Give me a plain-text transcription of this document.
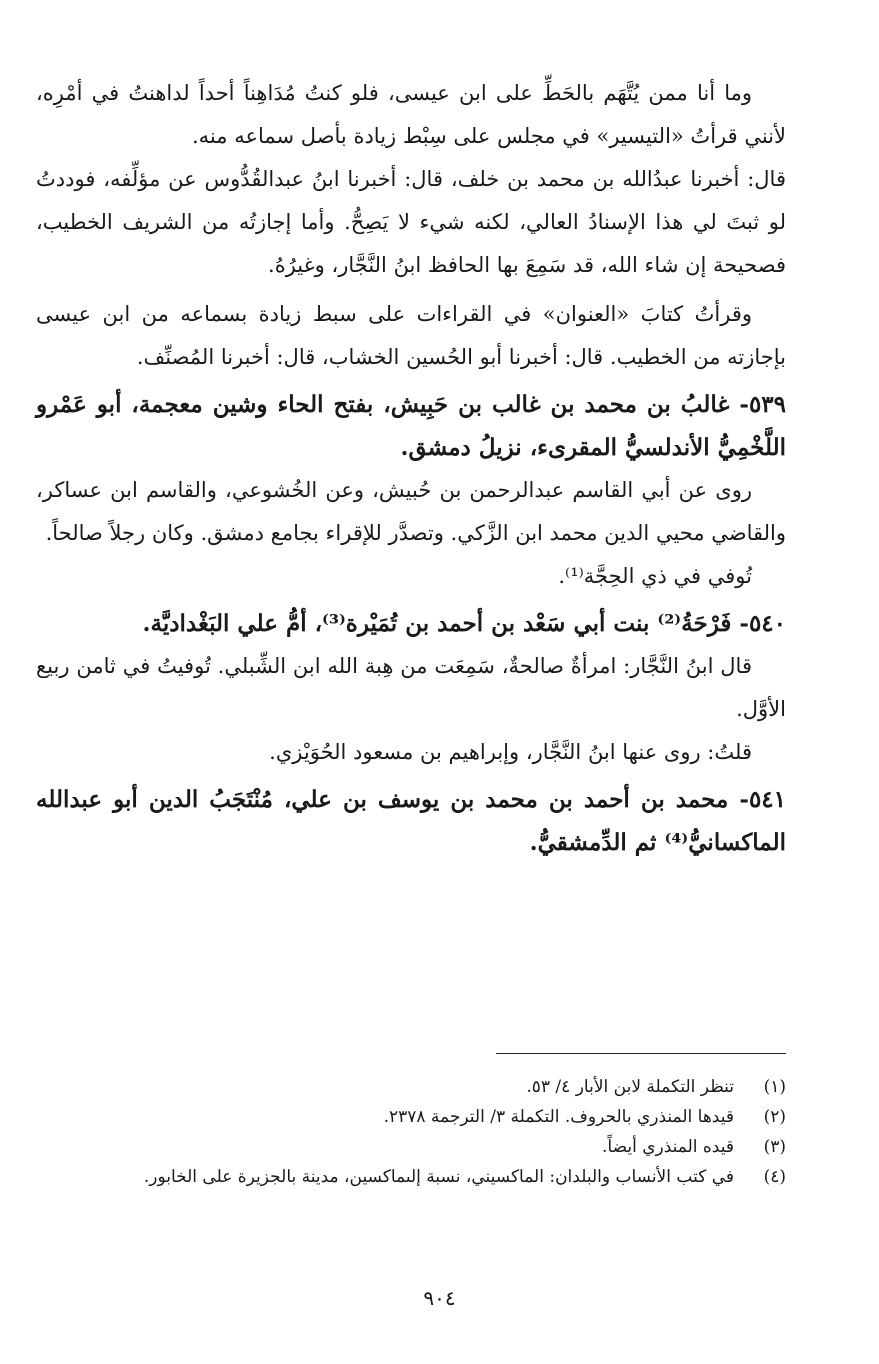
وما أنا ممن يُتَّهَم بالحَطِّ على ابن عيسى، فلو كنتُ مُدَاهِناً أحداً لداهنتُ في أمْرِه، لأنني قرأتُ «التيسير» في مجلس على سِبْط زيادة بأصل سماعه منه.

قال: أخبرنا عبدُالله بن محمد بن خلف، قال: أخبرنا ابنُ عبدالقُدُّوس عن مؤلِّفه، فوددتُ لو ثبتَ لي هذا الإسنادُ العالي، لكنه شيء لا يَصِحُّ. وأما إجازتُه من الشريف الخطيب، فصحيحة إن شاء الله، قد سَمِعَ بها الحافظ ابنُ النَّجَّار، وغيرُهُ.

وقرأتُ كتابَ «العنوان» في القراءات على سبط زيادة بسماعه من ابن عيسى بإجازته من الخطيب. قال: أخبرنا أبو الحُسين الخشاب، قال: أخبرنا المُصنِّف.

٥٣٩- غالبُ بن محمد بن غالب بن حَبِيش، بفتح الحاء وشين معجمة، أبو عَمْرو اللَّخْمِيُّ الأندلسيُّ المقرىء، نزيلُ دمشق.

روى عن أبي القاسم عبدالرحمن بن حُبيش، وعن الخُشوعي، والقاسم ابن عساكر، والقاضي محيي الدين محمد ابن الزَّكي. وتصدَّر للإقراء بجامع دمشق. وكان رجلاً صالحاً.

تُوفي في ذي الحِجَّة⁽¹⁾.

٥٤٠- فَرْحَةُ⁽²⁾ بنت أبي سَعْد بن أحمد بن تُمَيْرة⁽³⁾، أمُّ علي البَغْداديَّة.

قال ابنُ النَّجَّار: امرأةٌ صالحةٌ، سَمِعَت من هِبة الله ابن الشِّبلي. تُوفيتُ في ثامن ربيع الأوَّل.

قلتُ: روى عنها ابنُ النَّجَّار، وإبراهيم بن مسعود الحُوَيْزي.

٥٤١- محمد بن أحمد بن محمد بن يوسف بن علي، مُنْتَجَبُ الدين أبو عبدالله الماكسانيُّ⁽⁴⁾ ثم الدِّمشقيُّ.

(١)
تنظر التكملة لابن الأبار ٤/ ٥٣.
(٢)
قيدها المنذري بالحروف. التكملة ٣/ الترجمة ٢٣٧٨.
(٣)
قيده المنذري أيضاً.
(٤)
في كتب الأنساب والبلدان: الماكسيني، نسبة إلىماكسين، مدينة بالجزيرة على الخابور.
٩٠٤
